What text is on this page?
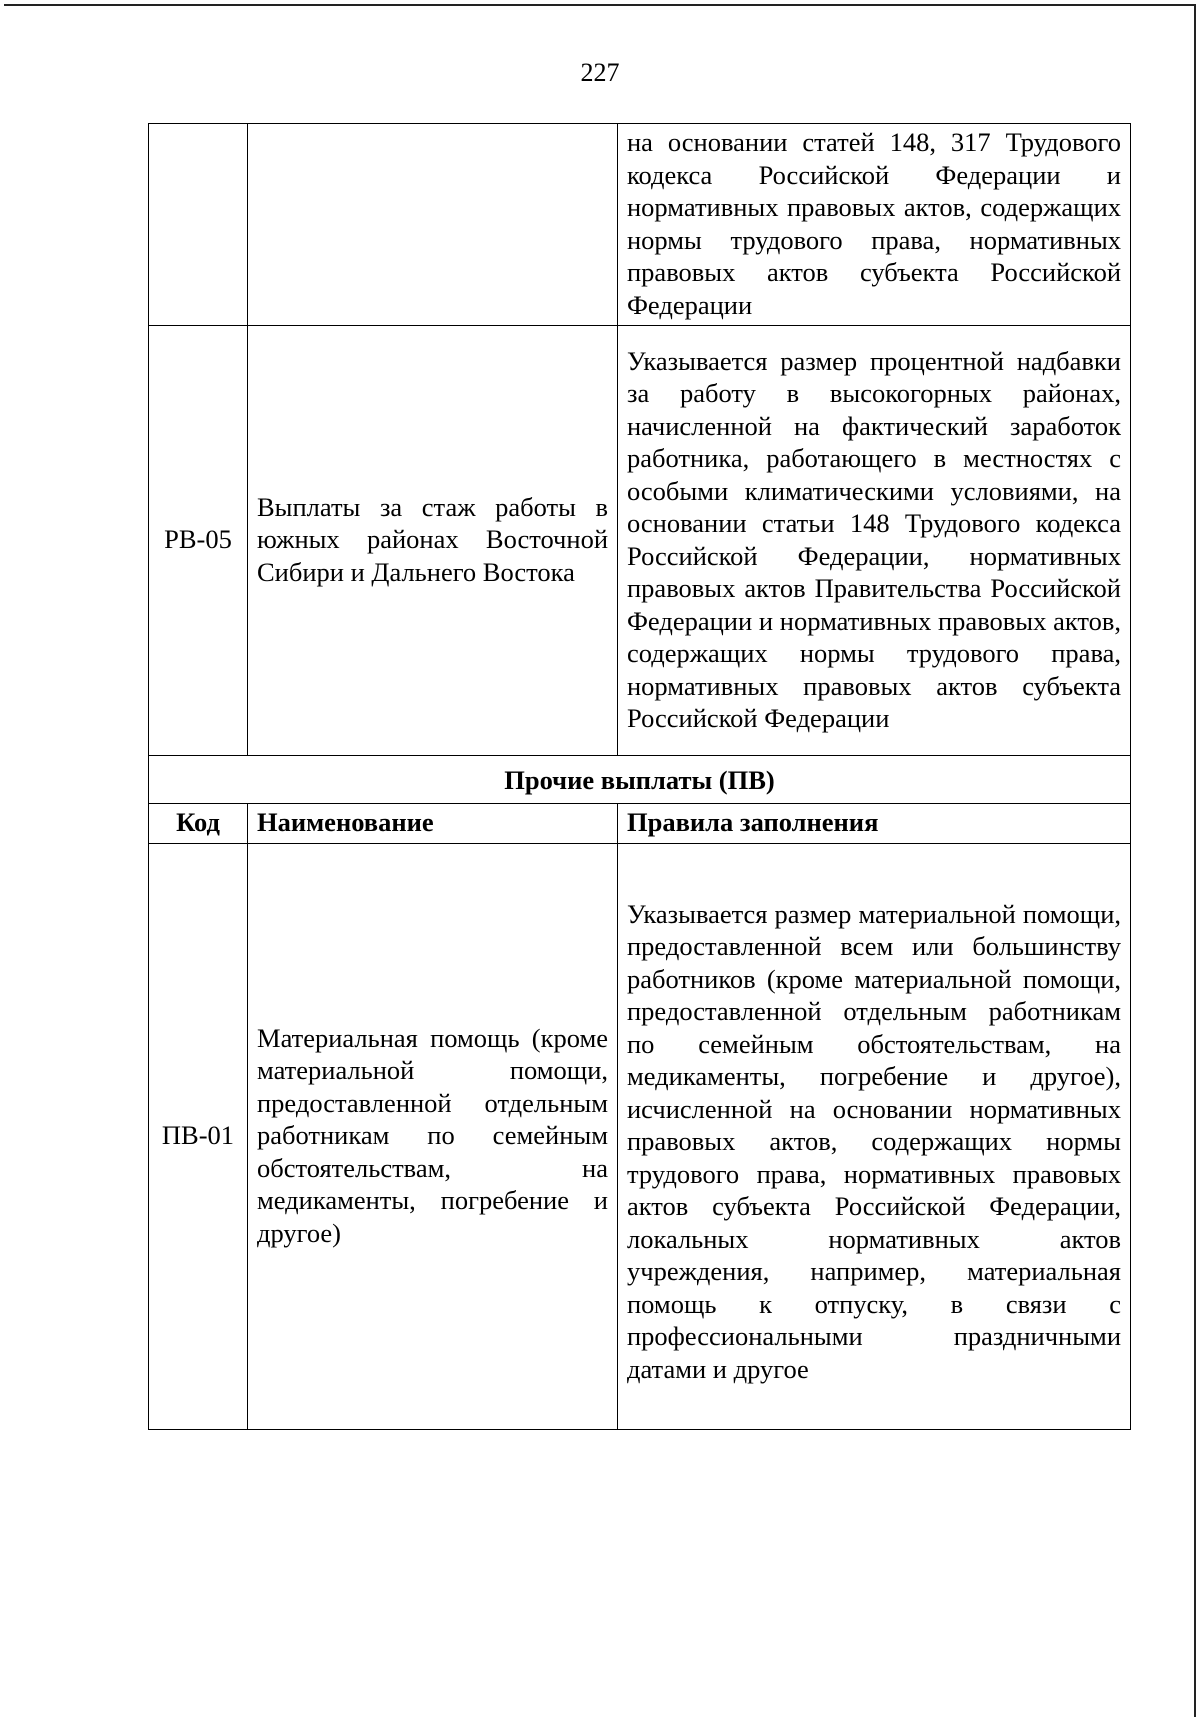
227
		на основании статей 148, 317 Трудового кодекса Российской Федерации и нормативных правовых актов, содержащих нормы трудового права, нормативных правовых актов субъекта Российской Федерации
РВ-05	Выплаты за стаж работы в южных районах Восточной Сибири и Дальнего Востока	Указывается размер процентной надбавки за работу в высокогорных районах, начисленной на фактический заработок работника, работающего в местностях с особыми климатическими условиями, на основании статьи 148 Трудового кодекса Российской Федерации, нормативных правовых актов Правительства Российской Федерации и нормативных правовых актов, содержащих нормы трудового права, нормативных правовых актов субъекта Российской Федерации
Прочие выплаты (ПВ)		
Код	Наименование	Правила заполнения
ПВ-01	Материальная помощь (кроме материальной помощи, предоставленной отдельным работникам по семейным обстоятельствам, на медикаменты, погребение и другое)	Указывается размер материальной помощи, предоставленной всем или большинству работников (кроме материальной помощи, предоставленной отдельным работникам по семейным обстоятельствам, на медикаменты, погребение и другое), исчисленной на основании нормативных правовых актов, содержащих нормы трудового права, нормативных правовых актов субъекта Российской Федерации, локальных нормативных актов учреждения, например, материальная помощь к отпуску, в связи с профессиональными праздничными датами и другое
